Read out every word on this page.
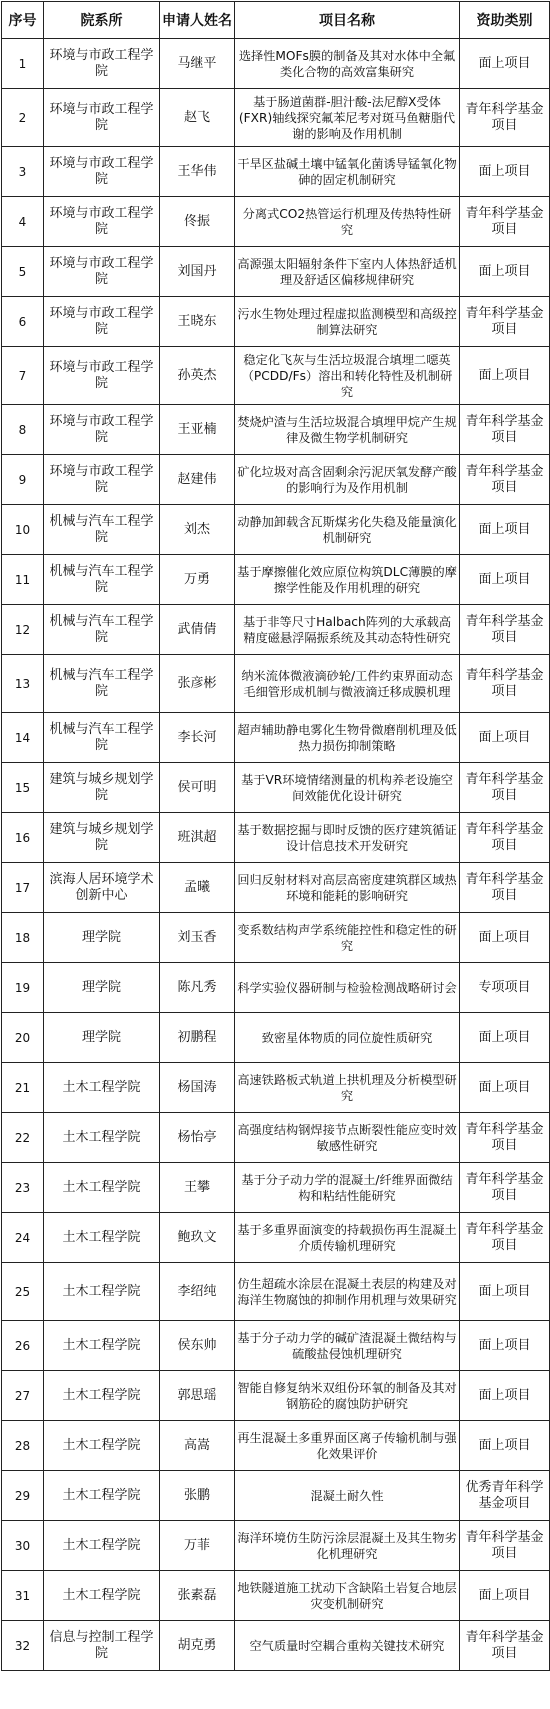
序号	院系所	申请人姓名	项目名称	资助类别
1	环境与市政工程学院	马继平	选择性MOFs膜的制备及其对水体中全氟类化合物的高效富集研究	面上项目
2	环境与市政工程学院	赵飞	基于肠道菌群-胆汁酸-法尼醇X受体(FXR)轴线探究氟苯尼考对斑马鱼糖脂代谢的影响及作用机制	青年科学基金项目
3	环境与市政工程学院	王华伟	干旱区盐碱土壤中锰氧化菌诱导锰氧化物砷的固定机制研究	面上项目
4	环境与市政工程学院	佟振	分离式CO2热管运行机理及传热特性研究	青年科学基金项目
5	环境与市政工程学院	刘国丹	高源强太阳辐射条件下室内人体热舒适机理及舒适区偏移规律研究	面上项目
6	环境与市政工程学院	王晓东	污水生物处理过程虚拟监测模型和高级控制算法研究	青年科学基金项目
7	环境与市政工程学院	孙英杰	稳定化飞灰与生活垃圾混合填埋二噁英（PCDD/Fs）溶出和转化特性及机制研究	面上项目
8	环境与市政工程学院	王亚楠	焚烧炉渣与生活垃圾混合填埋甲烷产生规律及微生物学机制研究	青年科学基金项目
9	环境与市政工程学院	赵建伟	矿化垃圾对高含固剩余污泥厌氧发酵产酸的影响行为及作用机制	青年科学基金项目
10	机械与汽车工程学院	刘杰	动静加卸载含瓦斯煤劣化失稳及能量演化机制研究	面上项目
11	机械与汽车工程学院	万勇	基于摩擦催化效应原位构筑DLC薄膜的摩擦学性能及作用机理的研究	面上项目
12	机械与汽车工程学院	武倩倩	基于非等尺寸Halbach阵列的大承载高精度磁悬浮隔振系统及其动态特性研究	青年科学基金项目
13	机械与汽车工程学院	张彦彬	纳米流体微液滴砂轮/工件约束界面动态毛细管形成机制与微液滴迁移成膜机理	青年科学基金项目
14	机械与汽车工程学院	李长河	超声辅助静电雾化生物骨微磨削机理及低热力损伤抑制策略	面上项目
15	建筑与城乡规划学院	侯可明	基于VR环境情绪测量的机构养老设施空间效能优化设计研究	青年科学基金项目
16	建筑与城乡规划学院	班淇超	基于数据挖掘与即时反馈的医疗建筑循证设计信息技术开发研究	青年科学基金项目
17	滨海人居环境学术创新中心	孟曦	回归反射材料对高层高密度建筑群区域热环境和能耗的影响研究	青年科学基金项目
18	理学院	刘玉香	变系数结构声学系统能控性和稳定性的研究	面上项目
19	理学院	陈凡秀	科学实验仪器研制与检验检测战略研讨会	专项项目
20	理学院	初鹏程	致密星体物质的同位旋性质研究	面上项目
21	土木工程学院	杨国涛	高速铁路板式轨道上拱机理及分析模型研究	面上项目
22	土木工程学院	杨怡亭	高强度结构钢焊接节点断裂性能应变时效敏感性研究	青年科学基金项目
23	土木工程学院	王攀	基于分子动力学的混凝土/纤维界面微结构和粘结性能研究	青年科学基金项目
24	土木工程学院	鲍玖文	基于多重界面演变的持载损伤再生混凝土介质传输机理研究	青年科学基金项目
25	土木工程学院	李绍纯	仿生超疏水涂层在混凝土表层的构建及对海洋生物腐蚀的抑制作用机理与效果研究	面上项目
26	土木工程学院	侯东帅	基于分子动力学的碱矿渣混凝土微结构与硫酸盐侵蚀机理研究	面上项目
27	土木工程学院	郭思瑶	智能自修复纳米双组份环氧的制备及其对钢筋砼的腐蚀防护研究	面上项目
28	土木工程学院	高嵩	再生混凝土多重界面区离子传输机制与强化效果评价	面上项目
29	土木工程学院	张鹏	混凝土耐久性	优秀青年科学基金项目
30	土木工程学院	万菲	海洋环境仿生防污涂层混凝土及其生物劣化机理研究	青年科学基金项目
31	土木工程学院	张素磊	地铁隧道施工扰动下含缺陷土岩复合地层灾变机制研究	面上项目
32	信息与控制工程学院	胡克勇	空气质量时空耦合重构关键技术研究	青年科学基金项目
